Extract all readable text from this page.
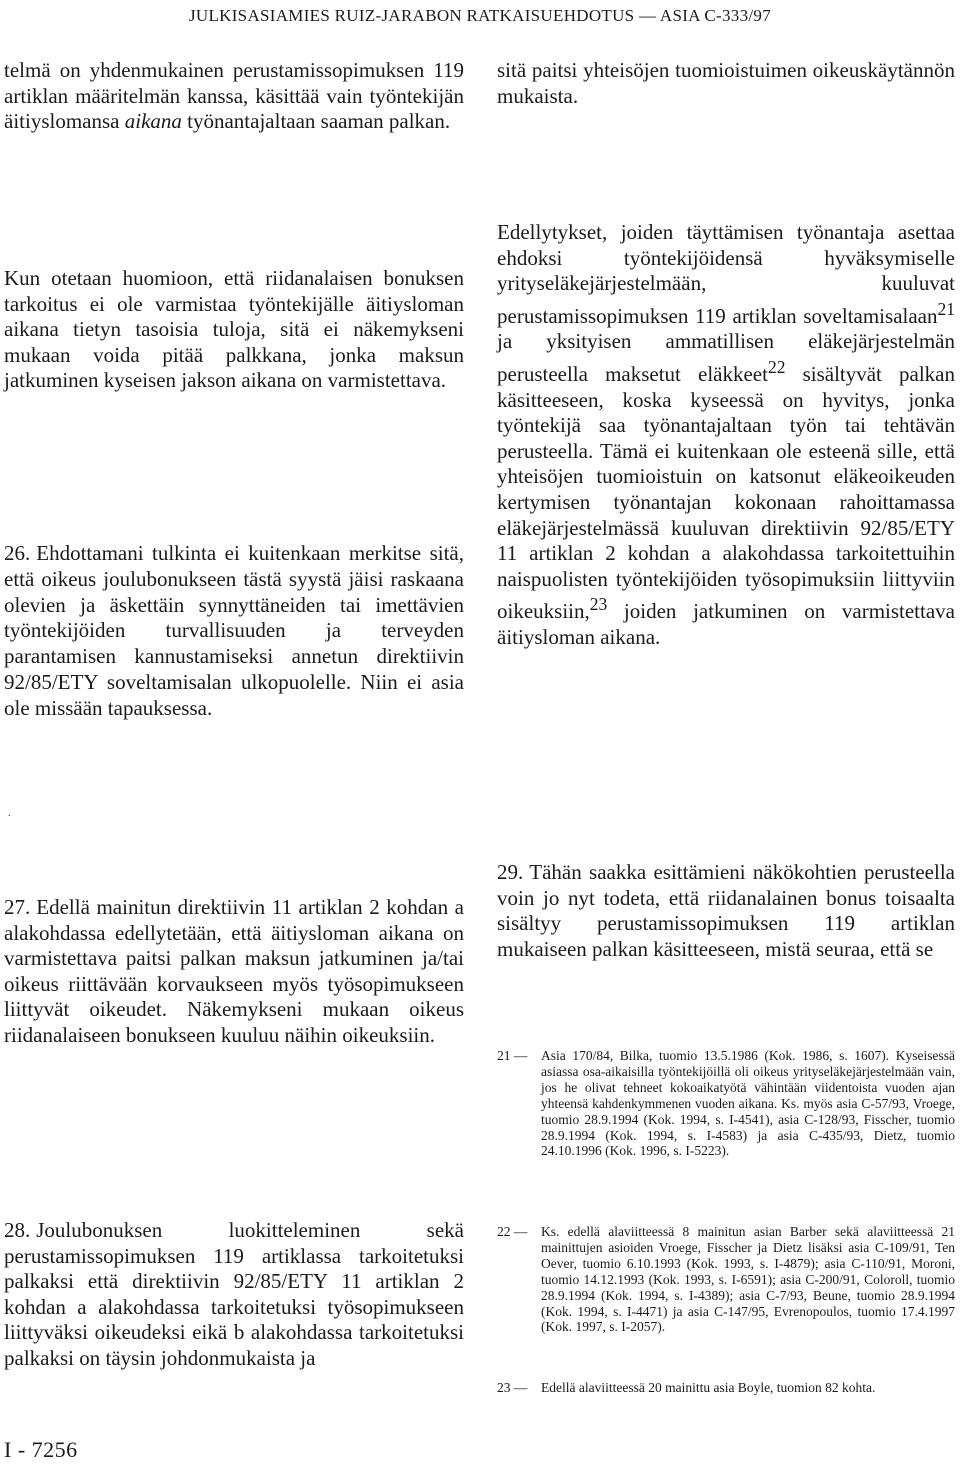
JULKISASIAMIES RUIZ-JARABON RATKAISUEHDOTUS — ASIA C-333/97

telmä on yhdenmukainen perustamissopimuksen 119 artiklan määritelmän kanssa, käsittää vain työntekijän äitiyslomansa aikana työnantajaltaan saaman palkan.

Kun otetaan huomioon, että riidanalaisen bonuksen tarkoitus ei ole varmistaa työntekijälle äitiysloman aikana tietyn tasoisia tuloja, sitä ei näkemykseni mukaan voida pitää palkkana, jonka maksun jatkuminen kyseisen jakson aikana on varmistettava.

26. Ehdottamani tulkinta ei kuitenkaan merkitse sitä, että oikeus joulubonukseen tästä syystä jäisi raskaana olevien ja äskettäin synnyttäneiden tai imettävien työntekijöiden turvallisuuden ja terveyden parantamisen kannustamiseksi annetun direktiivin 92/85/ETY soveltamisalan ulkopuolelle. Niin ei asia ole missään tapauksessa.

27. Edellä mainitun direktiivin 11 artiklan 2 kohdan a alakohdassa edellytetään, että äitiysloman aikana on varmistettava paitsi palkan maksun jatkuminen ja/tai oikeus riittävään korvaukseen myös työsopimukseen liittyvät oikeudet. Näkemykseni mukaan oikeus riidanalaiseen bonukseen kuuluu näihin oikeuksiin.

28. Joulubonuksen luokitteleminen sekä perustamissopimuksen 119 artiklassa tarkoitetuksi palkaksi että direktiivin 92/85/ETY 11 artiklan 2 kohdan a alakohdassa tarkoitetuksi työsopimukseen liittyväksi oikeudeksi eikä b alakohdassa tarkoitetuksi palkaksi on täysin johdonmukaista ja

.

sitä paitsi yhteisöjen tuomioistuimen oikeuskäytännön mukaista.

Edellytykset, joiden täyttämisen työnantaja asettaa ehdoksi työntekijöidensä hyväksymiselle yrityseläkejärjestelmään, kuuluvat perustamissopimuksen 119 artiklan soveltamisalaan$^{21}$ ja yksityisen ammatillisen eläkejärjestelmän perusteella maksetut eläkkeet$^{22}$ sisältyvät palkan käsitteeseen, koska kyseessä on hyvitys, jonka työntekijä saa työnantajaltaan työn tai tehtävän perusteella. Tämä ei kuitenkaan ole esteenä sille, että yhteisöjen tuomioistuin on katsonut eläkeoikeuden kertymisen työnantajan kokonaan rahoittamassa eläkejärjestelmässä kuuluvan direktiivin 92/85/ETY 11 artiklan 2 kohdan a alakohdassa tarkoitettuihin naispuolisten työntekijöiden työsopimuksiin liittyviin oikeuksiin,$^{23}$ joiden jatkuminen on varmistettava äitiysloman aikana.

29. Tähän saakka esittämieni näkökohtien perusteella voin jo nyt todeta, että riidanalainen bonus toisaalta sisältyy perustamissopimuksen 119 artiklan mukaiseen palkan käsitteeseen, mistä seuraa, että se

21 —	Asia 170/84, Bilka, tuomio 13.5.1986 (Kok. 1986, s. 1607). Kyseisessä asiassa osa-aikaisilla työntekijöillä oli oikeus yrityseläkejärjestelmään vain, jos he olivat tehneet kokoaikatyötä vähintään viidentoista vuoden ajan yhteensä kahdenkymmenen vuoden aikana. Ks. myös asia C-57/93, Vroege, tuomio 28.9.1994 (Kok. 1994, s. I-4541), asia C-128/93, Fisscher, tuomio 28.9.1994 (Kok. 1994, s. I-4583) ja asia C-435/93, Dietz, tuomio 24.10.1996 (Kok. 1996, s. I-5223).
22 —	Ks. edellä alaviitteessä 8 mainitun asian Barber sekä alaviitteessä 21 mainittujen asioiden Vroege, Fisscher ja Dietz lisäksi asia C-109/91, Ten Oever, tuomio 6.10.1993 (Kok. 1993, s. I-4879); asia C-110/91, Moroni, tuomio 14.12.1993 (Kok. 1993, s. I-6591); asia C-200/91, Coloroll, tuomio 28.9.1994 (Kok. 1994, s. I-4389); asia C-7/93, Beune, tuomio 28.9.1994 (Kok. 1994, s. I-4471) ja asia C-147/95, Evrenopoulos, tuomio 17.4.1997 (Kok. 1997, s. I-2057).
23 —	Edellä alaviitteessä 20 mainittu asia Boyle, tuomion 82 kohta.
I - 7256
